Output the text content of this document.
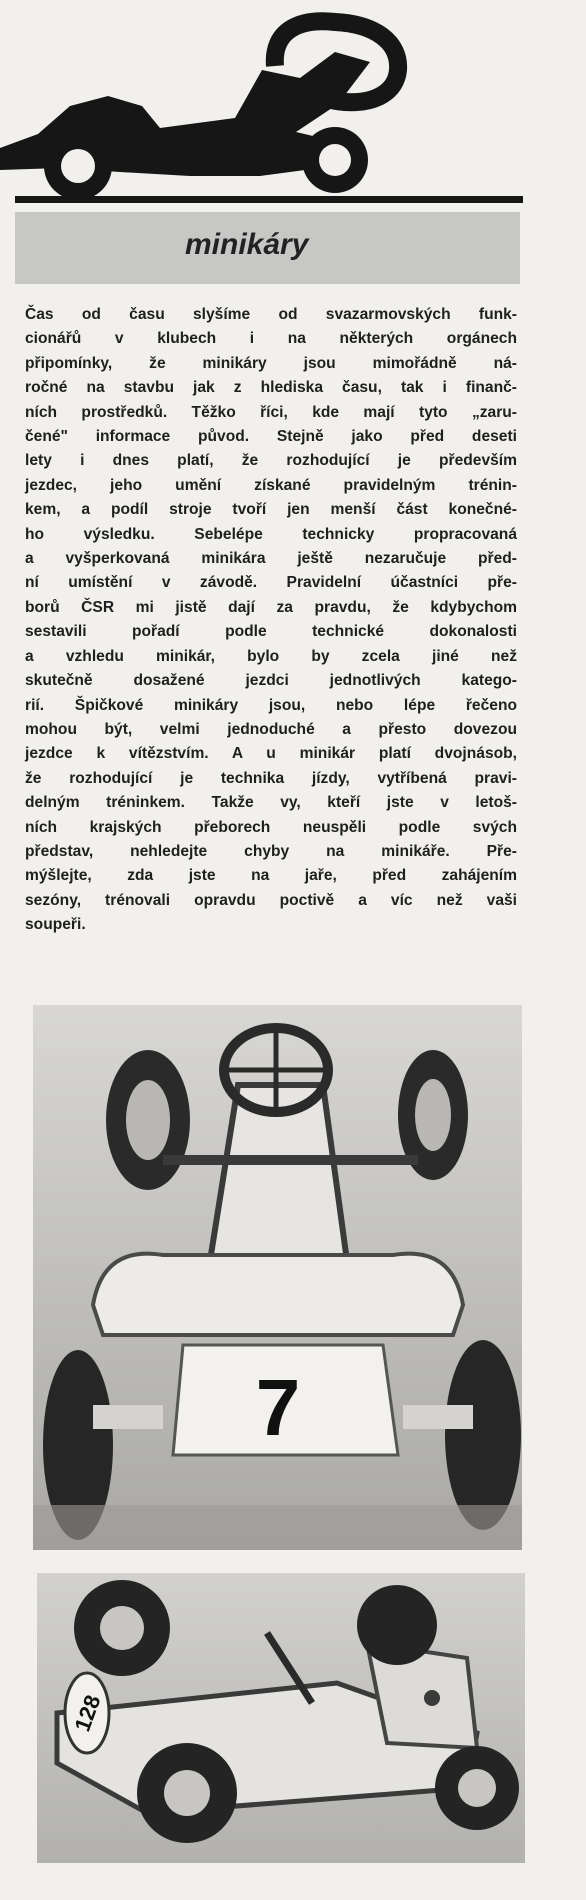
minikáry
Čas od času slyšíme od svazarmovských funk-
cionářů v klubech i na některých orgánech
připomínky, že minikáry jsou mimořádně ná-
ročné na stavbu jak z hlediska času, tak i finanč-
ních prostředků. Těžko říci, kde mají tyto „zaru-
čené" informace původ. Stejně jako před deseti
lety i dnes platí, že rozhodující je především
jezdec, jeho umění získané pravidelným trénin-
kem, a podíl stroje tvoří jen menší část konečné-
ho výsledku. Sebelépe technicky propracovaná
a vyšperkovaná minikára ještě nezaručuje před-
ní umístění v závodě. Pravidelní účastníci pře-
borů ČSR mi jistě dají za pravdu, že kdybychom
sestavili pořadí podle technické dokonalosti
a vzhledu minikár, bylo by zcela jiné než
skutečně dosažené jezdci jednotlivých katego-
rií. Špičkové minikáry jsou, nebo lépe řečeno
mohou být, velmi jednoduché a přesto dovezou
jezdce k vítězstvím. A u minikár platí dvojnásob,
že rozhodující je technika jízdy, vytříbená pravi-
delným tréninkem. Takže vy, kteří jste v letoš-
ních krajských přeborech neuspěli podle svých
představ, nehledejte chyby na minikáře. Pře-
mýšlejte, zda jste na jaře, před zahájením
sezóny, trénovali opravdu poctivě a víc než vaši
soupeři.
7
128
